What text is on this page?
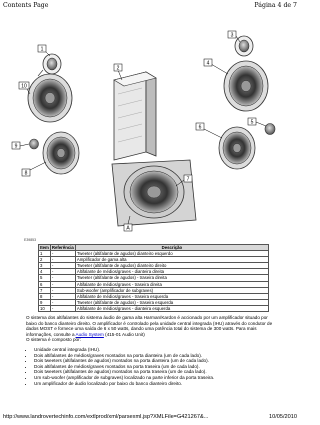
Contents Page	Página 4 de 7
1
2
3
4
5
6
7
8
9
10
A
E39853
Item	Referência	Descrição
1	-	Tweeter (altifalante de agudos) dianteiro esquerdo
2	-	Amplificador de gama alta
3	-	Tweeter (altifalante de agudos) dianteiro direito
4	-	Altifalante de médios/graves - dianteira direita
5	-	Tweeter (altifalante de agudos) - traseira direita
6	-	Altifalante de médios/graves - traseira direita
7	-	Sub-woofer (amplificador de subgraves)
8	-	Altifalante de médios/graves - traseira esquerda
9	-	Tweeter (altifalante de agudos) - traseira esquerda
10	-	Altifalante de médios/graves - dianteira esquerda
O sistema dos altifalantes do sistema áudio de gama alta Harman/Kardon é accionado por um amplificador situado por baixo do banco dianteiro direito. O amplificador é controlado pela unidade central integrada (IHU) através do condutor de dados MOST e fornece uma saída de 6 x 50 watts, dando uma potência total do sistema de 300 watts. Para mais informações, consulte a Audio System (415-01 Audio Unit)
O sistema é composto por:
• Unidade central integrada (IHU).
• Dois altifalantes de médios/graves montados na porta dianteira (um de cada lado).
• Dois tweeters (altifalantes de agudos) montados na porta dianteira (um de cada lado).
• Dois altifalantes de médios/graves montados na porta traseira (um de cada lado).
• Dois tweeters (altifalantes de agudos) montados na porta traseira (um de cada lado).
• Um sub-woofer (amplificador de subgraves) localizado na parte inferior da porta traseira.
• Um amplificador de áudio localizado por baixo do banco dianteiro direito.
http://www.landrovertechinfo.com/extlprod/xml/parsexml.jsp?XMLFile=G421267&...	10/05/2010
